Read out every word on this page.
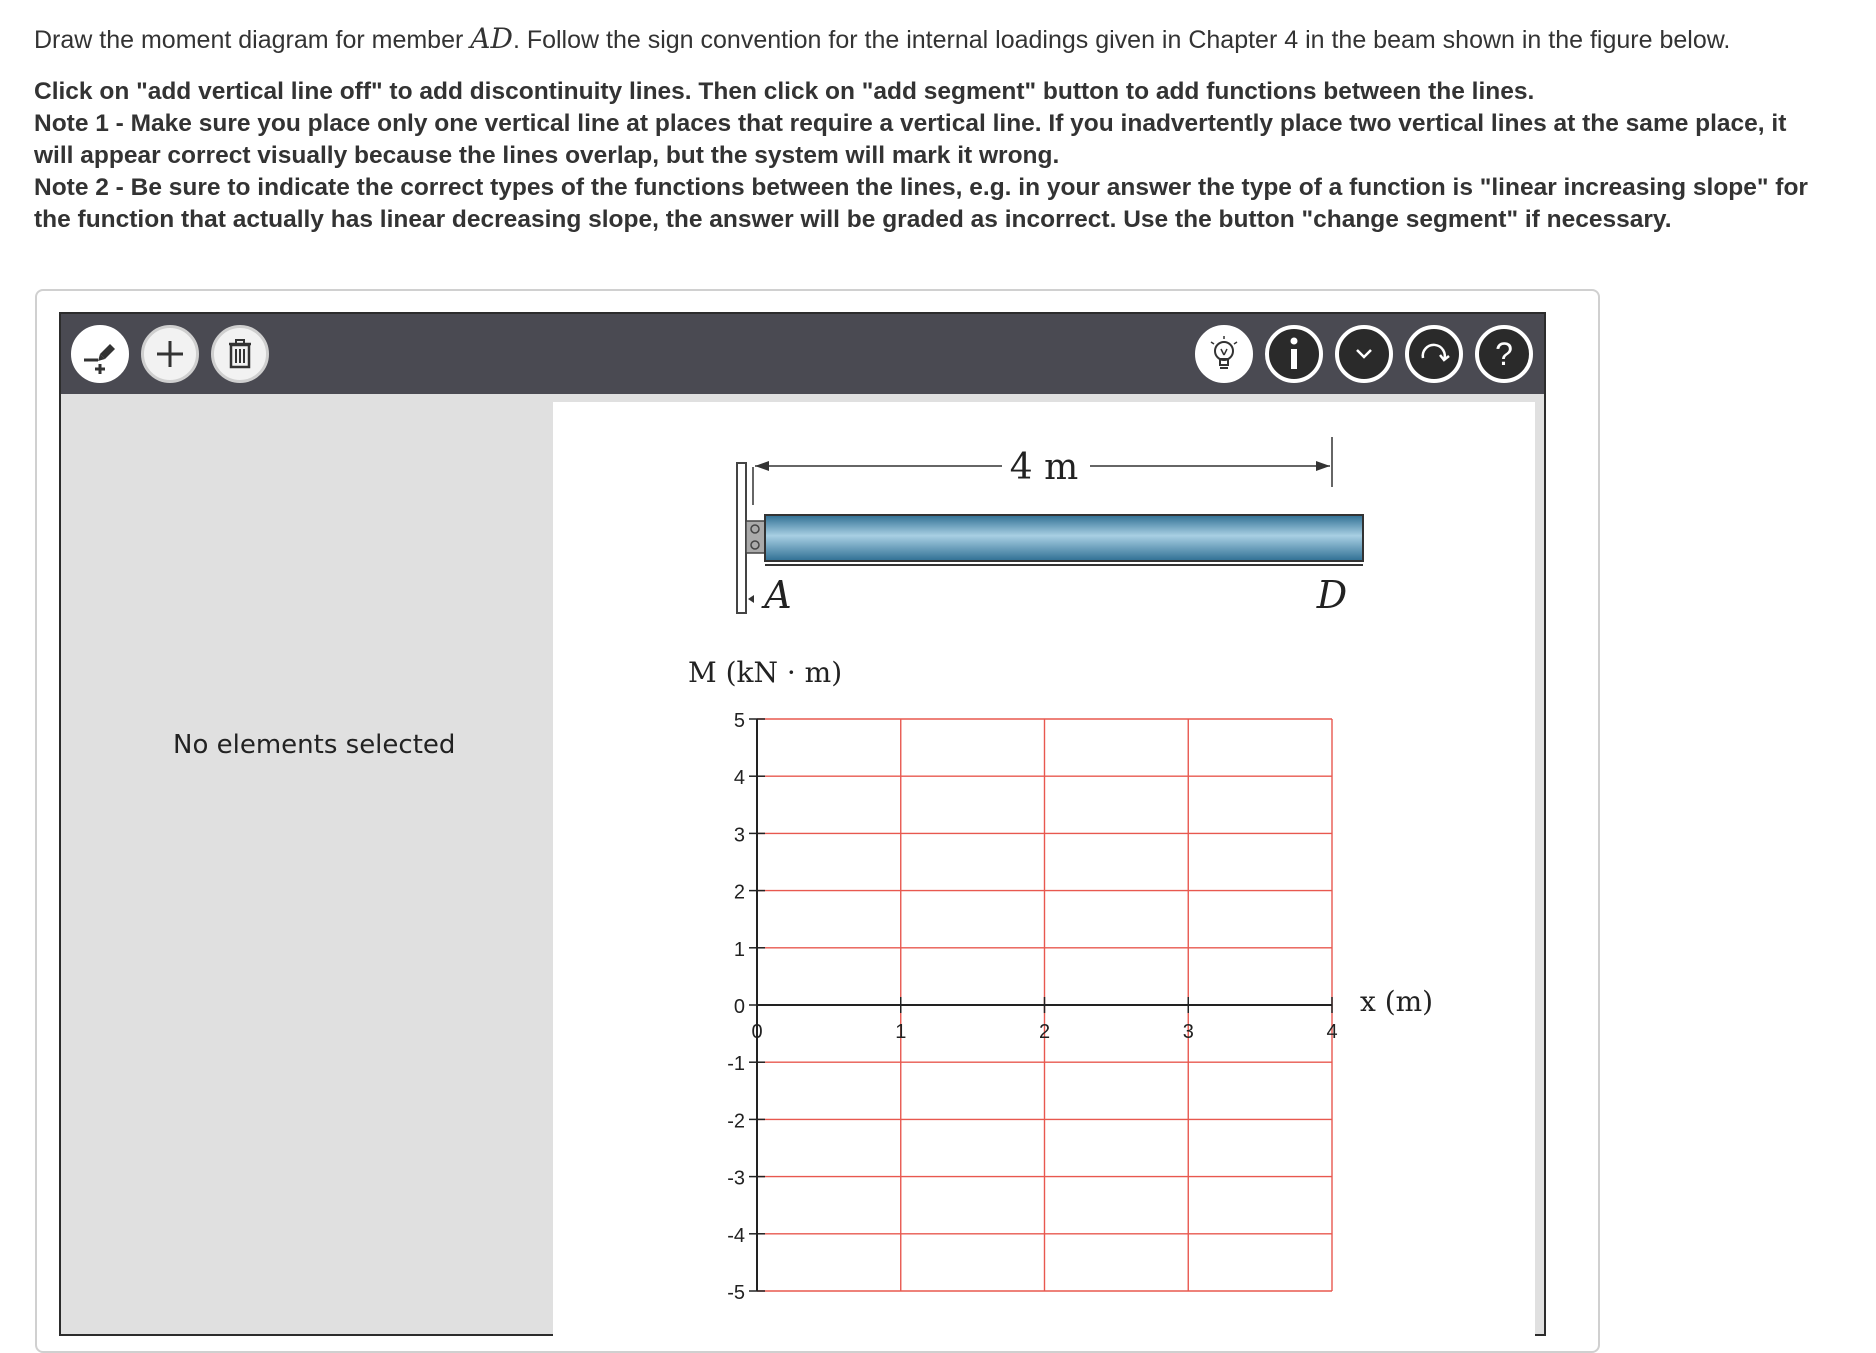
Draw the moment diagram for member AD. Follow the sign convention for the internal loadings given in Chapter 4 in the beam shown in the figure below.

Click on "add vertical line off" to add discontinuity lines. Then click on "add segment" button to add functions between the lines.

Note 1 - Make sure you place only one vertical line at places that require a vertical line. If you inadvertently place two vertical lines at the same place, it will appear correct visually because the lines overlap, but the system will mark it wrong.

Note 2 - Be sure to indicate the correct types of the functions between the lines, e.g. in your answer the type of a function is "linear increasing slope" for the function that actually has linear decreasing slope, the answer will be graded as incorrect. Use the button "change segment" if necessary.

?
No elements selected
4 m
A	D
M (kN · m)
x (m)
5
4
3
2
1
0
-1
-2
-3
-4
-5
0	1	2	3	4
